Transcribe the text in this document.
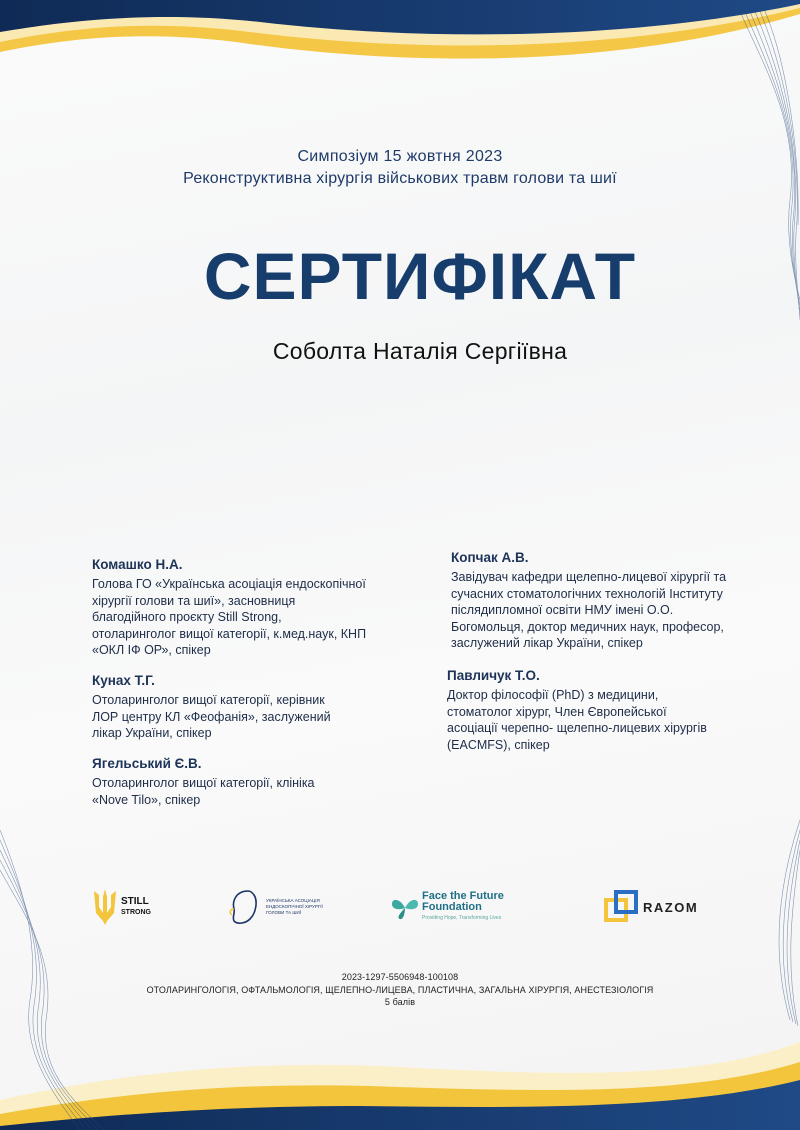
Симпозіум 15 жовтня 2023
Реконструктивна хірургія військових травм голови та шиї
СЕРТИФІКАТ
Соболта Наталія Сергіївна
Комашко Н.А.
Голова ГО «Українська асоціація ендоскопічної
хірургії голови та шиї», засновниця
благодійного проєкту Still Strong,
отоларинголог вищої категорії, к.мед.наук, КНП
«ОКЛ ІФ ОР», спікер
Кунах Т.Г.
Отоларинголог вищої категорії, керівник
ЛОР центру КЛ «Феофанія», заслужений
лікар України, спікер
Ягельський Є.В.
Отоларинголог вищої категорії, клініка
«Nove Tilo», спікер
Копчак А.В.
Завідувач кафедри щелепно-лицевої хірургії та
сучасних стоматологічних технологій Інституту
післядипломної освіти НМУ імені О.О.
Богомольця, доктор медичних наук, професор,
заслужений лікар України, спікер
Павличук Т.О.
Доктор філософії (PhD) з медицини,
стоматолог хірург, Член Європейської
асоціації черепно- щелепно-лицевих хірургів
(EACMFS), спікер
STILL
STRONG
УКРАЇНСЬКА АСОЦІАЦІЯ
ЕНДОСКОПІЧНОЇ ХІРУРГІЇ
ГОЛОВИ ТА ШИЇ
Face the Future
Foundation
Providing Hope, Transforming Lives
RAZOM
2023-1297-5506948-100108
ОТОЛАРИНГОЛОГІЯ, ОФТАЛЬМОЛОГІЯ, ЩЕЛЕПНО-ЛИЦЕВА, ПЛАСТИЧНА, ЗАГАЛЬНА ХІРУРГІЯ, АНЕСТЕЗІОЛОГІЯ
5 балів
